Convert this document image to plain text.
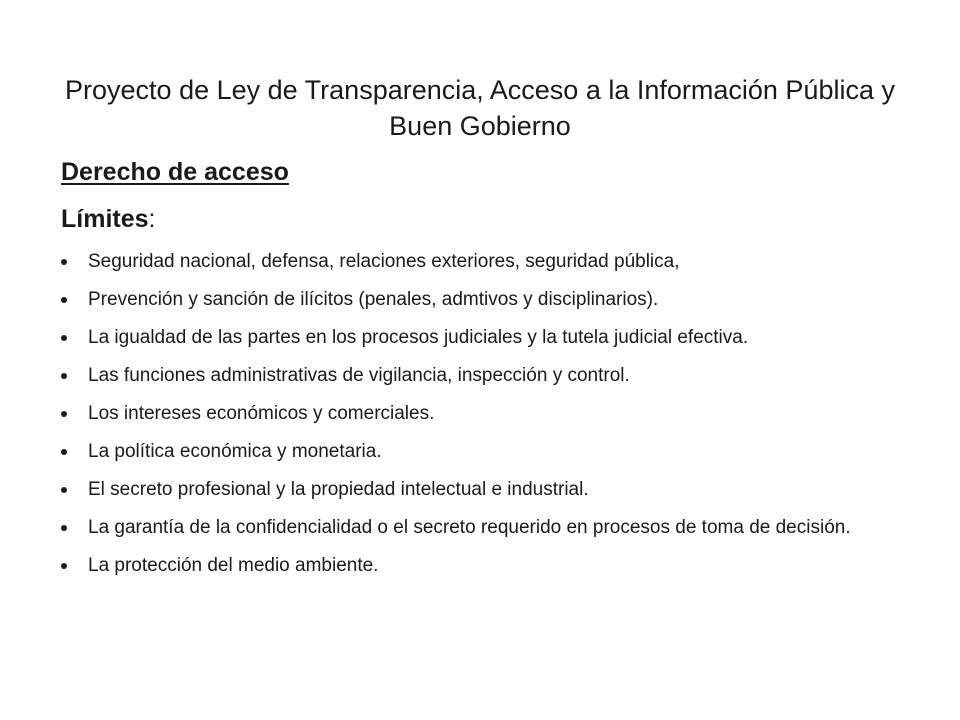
Proyecto de Ley de Transparencia, Acceso a la Información Pública y Buen Gobierno
Derecho de acceso
Límites:
Seguridad nacional, defensa, relaciones exteriores, seguridad pública,
Prevención y sanción de ilícitos (penales, admtivos y disciplinarios).
La igualdad de las partes en los procesos judiciales y la tutela judicial efectiva.
Las funciones administrativas de vigilancia, inspección y control.
Los intereses económicos y comerciales.
La política económica y monetaria.
El secreto profesional y la propiedad intelectual e industrial.
La garantía de la confidencialidad o el secreto requerido en procesos de toma de decisión.
La protección del medio ambiente.
